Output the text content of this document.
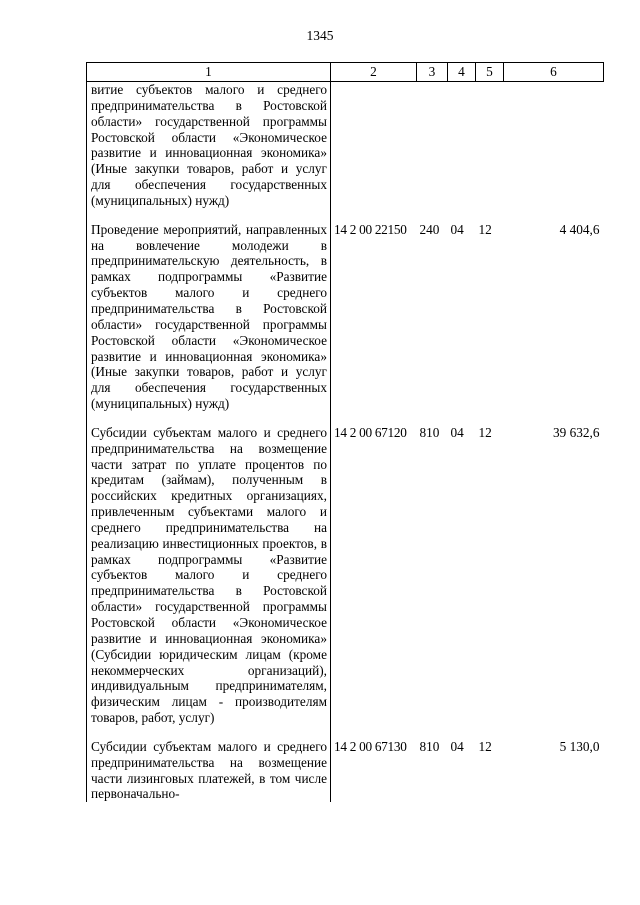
1345
1	2	3	4	5	6

витие субъектов малого и среднего предпринимательства в Ростовской области» государственной программы Ростовской области «Экономическое развитие и инновационная экономика» (Иные закупки товаров, работ и услуг для обеспечения государственных (муниципальных) нужд)					

Проведение мероприятий, направленных на вовлечение молодежи в предпринимательскую деятельность, в рамках подпрограммы «Развитие субъектов малого и среднего предпринимательства в Ростовской области» государственной программы Ростовской области «Экономическое развитие и инновационная экономика» (Иные закупки товаров, работ и услуг для обеспечения государственных (муниципальных) нужд)	14 2 00 22150	240	04	12	4 404,6

Субсидии субъектам малого и среднего предпринимательства на возмещение части затрат по уплате процентов по кредитам (займам), полученным в российских кредитных организациях, привлеченным субъектами малого и среднего предпринимательства на реализацию инвестиционных проектов, в рамках подпрограммы «Развитие субъектов малого и среднего предпринимательства в Ростовской области» государственной программы Ростовской области «Экономическое развитие и инновационная экономика» (Субсидии юридическим лицам (кроме некоммерческих организаций), индивидуальным предпринимателям, физическим лицам - производителям товаров, работ, услуг)	14 2 00 67120	810	04	12	39 632,6

Субсидии субъектам малого и среднего предпринимательства на возмещение части лизинговых платежей, в том числе первоначально-	14 2 00 67130	810	04	12	5 130,0
